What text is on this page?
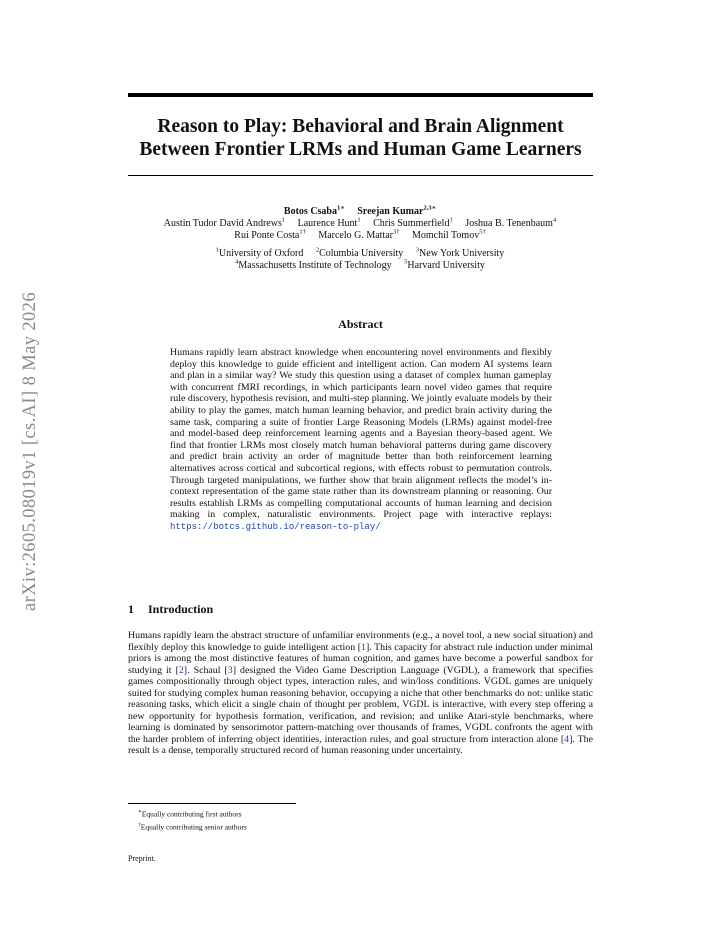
arXiv:2605.08019v1 [cs.AI] 8 May 2026
Reason to Play: Behavioral and Brain Alignment Between Frontier LRMs and Human Game Learners
Botos Csaba$^{1∗}$ Sreejan Kumar$^{2,3∗}$
Austin Tudor David Andrews$^1$ Laurence Hunt$^1$ Chris Summerfield$^1$ Joshua B. Tenenbaum$^4$
Rui Ponte Costa$^{1\dagger}$ Marcelo G. Mattar$^{3\dagger}$ Momchil Tomov$^{5\dagger}$
$^1$University of Oxford $^2$Columbia University $^3$New York University
$^4$Massachusetts Institute of Technology $^5$Harvard University
Abstract
Humans rapidly learn abstract knowledge when encountering novel environments and flexibly deploy this knowledge to guide efficient and intelligent action. Can modern AI systems learn and plan in a similar way? We study this question using a dataset of complex human gameplay with concurrent fMRI recordings, in which participants learn novel video games that require rule discovery, hypothesis revision, and multi-step planning. We jointly evaluate models by their ability to play the games, match human learning behavior, and predict brain activity during the same task, comparing a suite of frontier Large Reasoning Models (LRMs) against model-free and model-based deep reinforcement learning agents and a Bayesian theory-based agent. We find that frontier LRMs most closely match human behavioral patterns during game discovery and predict brain activity an order of magnitude better than both reinforcement learning alternatives across cortical and subcortical regions, with effects robust to permutation controls. Through targeted manipulations, we further show that brain alignment reflects the model’s in-context representation of the game state rather than its downstream planning or reasoning. Our results establish LRMs as compelling computational accounts of human learning and decision making in complex, naturalistic environments. Project page with interactive replays: https://botcs.github.io/reason-to-play/
1 Introduction
Humans rapidly learn the abstract structure of unfamiliar environments (e.g., a novel tool, a new social situation) and flexibly deploy this knowledge to guide intelligent action [1]. This capacity for abstract rule induction under minimal priors is among the most distinctive features of human cognition, and games have become a powerful sandbox for studying it [2]. Schaul [3] designed the Video Game Description Language (VGDL), a framework that specifies games compositionally through object types, interaction rules, and win/loss conditions. VGDL games are uniquely suited for studying complex human reasoning behavior, occupying a niche that other benchmarks do not: unlike static reasoning tasks, which elicit a single chain of thought per problem, VGDL is interactive, with every step offering a new opportunity for hypothesis formation, verification, and revision; and unlike Atari-style benchmarks, where learning is dominated by sensorimotor pattern-matching over thousands of frames, VGDL confronts the agent with the harder problem of inferring object identities, interaction rules, and goal structure from interaction alone [4]. The result is a dense, temporally structured record of human reasoning under uncertainty.
∗Equally contributing first authors
†Equally contributing senior authors
Preprint.
